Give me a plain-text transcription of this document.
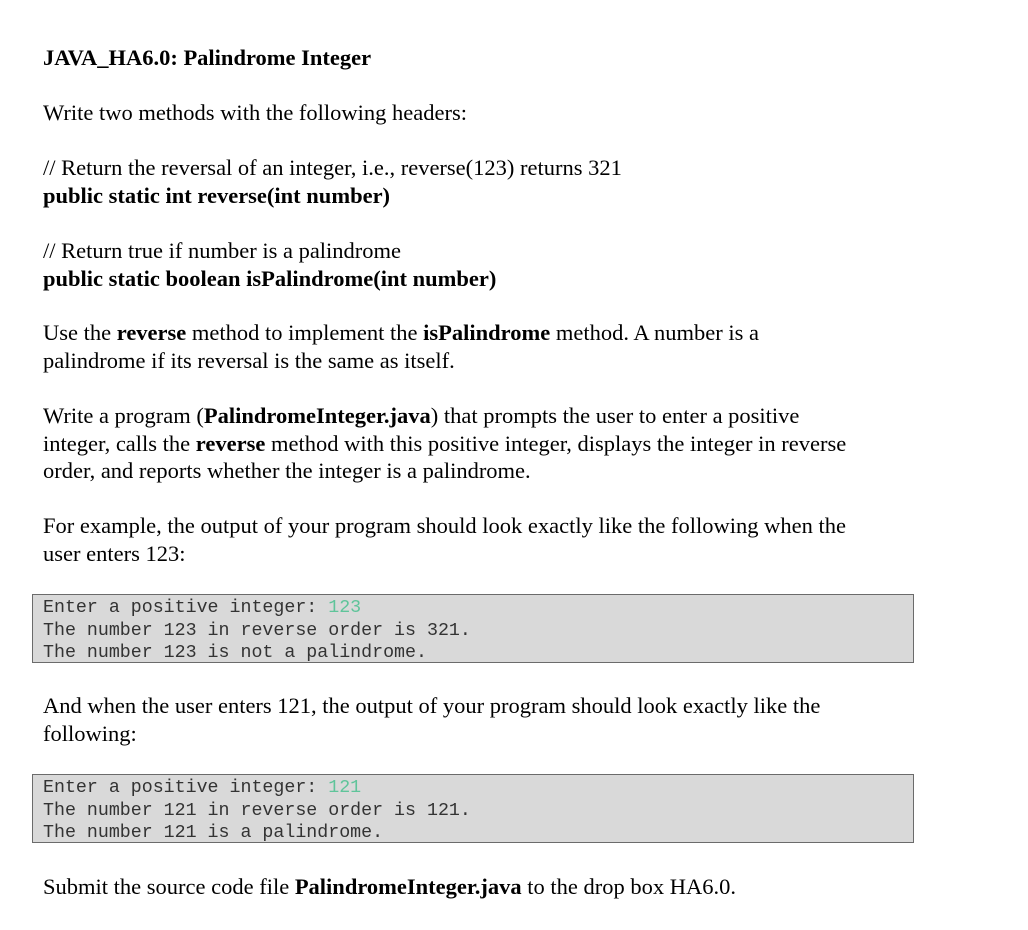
JAVA_HA6.0: Palindrome Integer
Write two methods with the following headers:
// Return the reversal of an integer, i.e., reverse(123) returns 321
public static int reverse(int number)
// Return true if number is a palindrome
public static boolean isPalindrome(int number)
Use the reverse method to implement the isPalindrome method. A number is a
palindrome if its reversal is the same as itself.
Write a program (PalindromeInteger.java) that prompts the user to enter a positive
integer, calls the reverse method with this positive integer, displays the integer in reverse
order, and reports whether the integer is a palindrome.
For example, the output of your program should look exactly like the following when the
user enters 123:
And when the user enters 121, the output of your program should look exactly like the
following:
Submit the source code file PalindromeInteger.java to the drop box HA6.0.
Enter a positive integer: 123
The number 123 in reverse order is 321.
The number 123 is not a palindrome.
Enter a positive integer: 121
The number 121 in reverse order is 121.
The number 121 is a palindrome.
